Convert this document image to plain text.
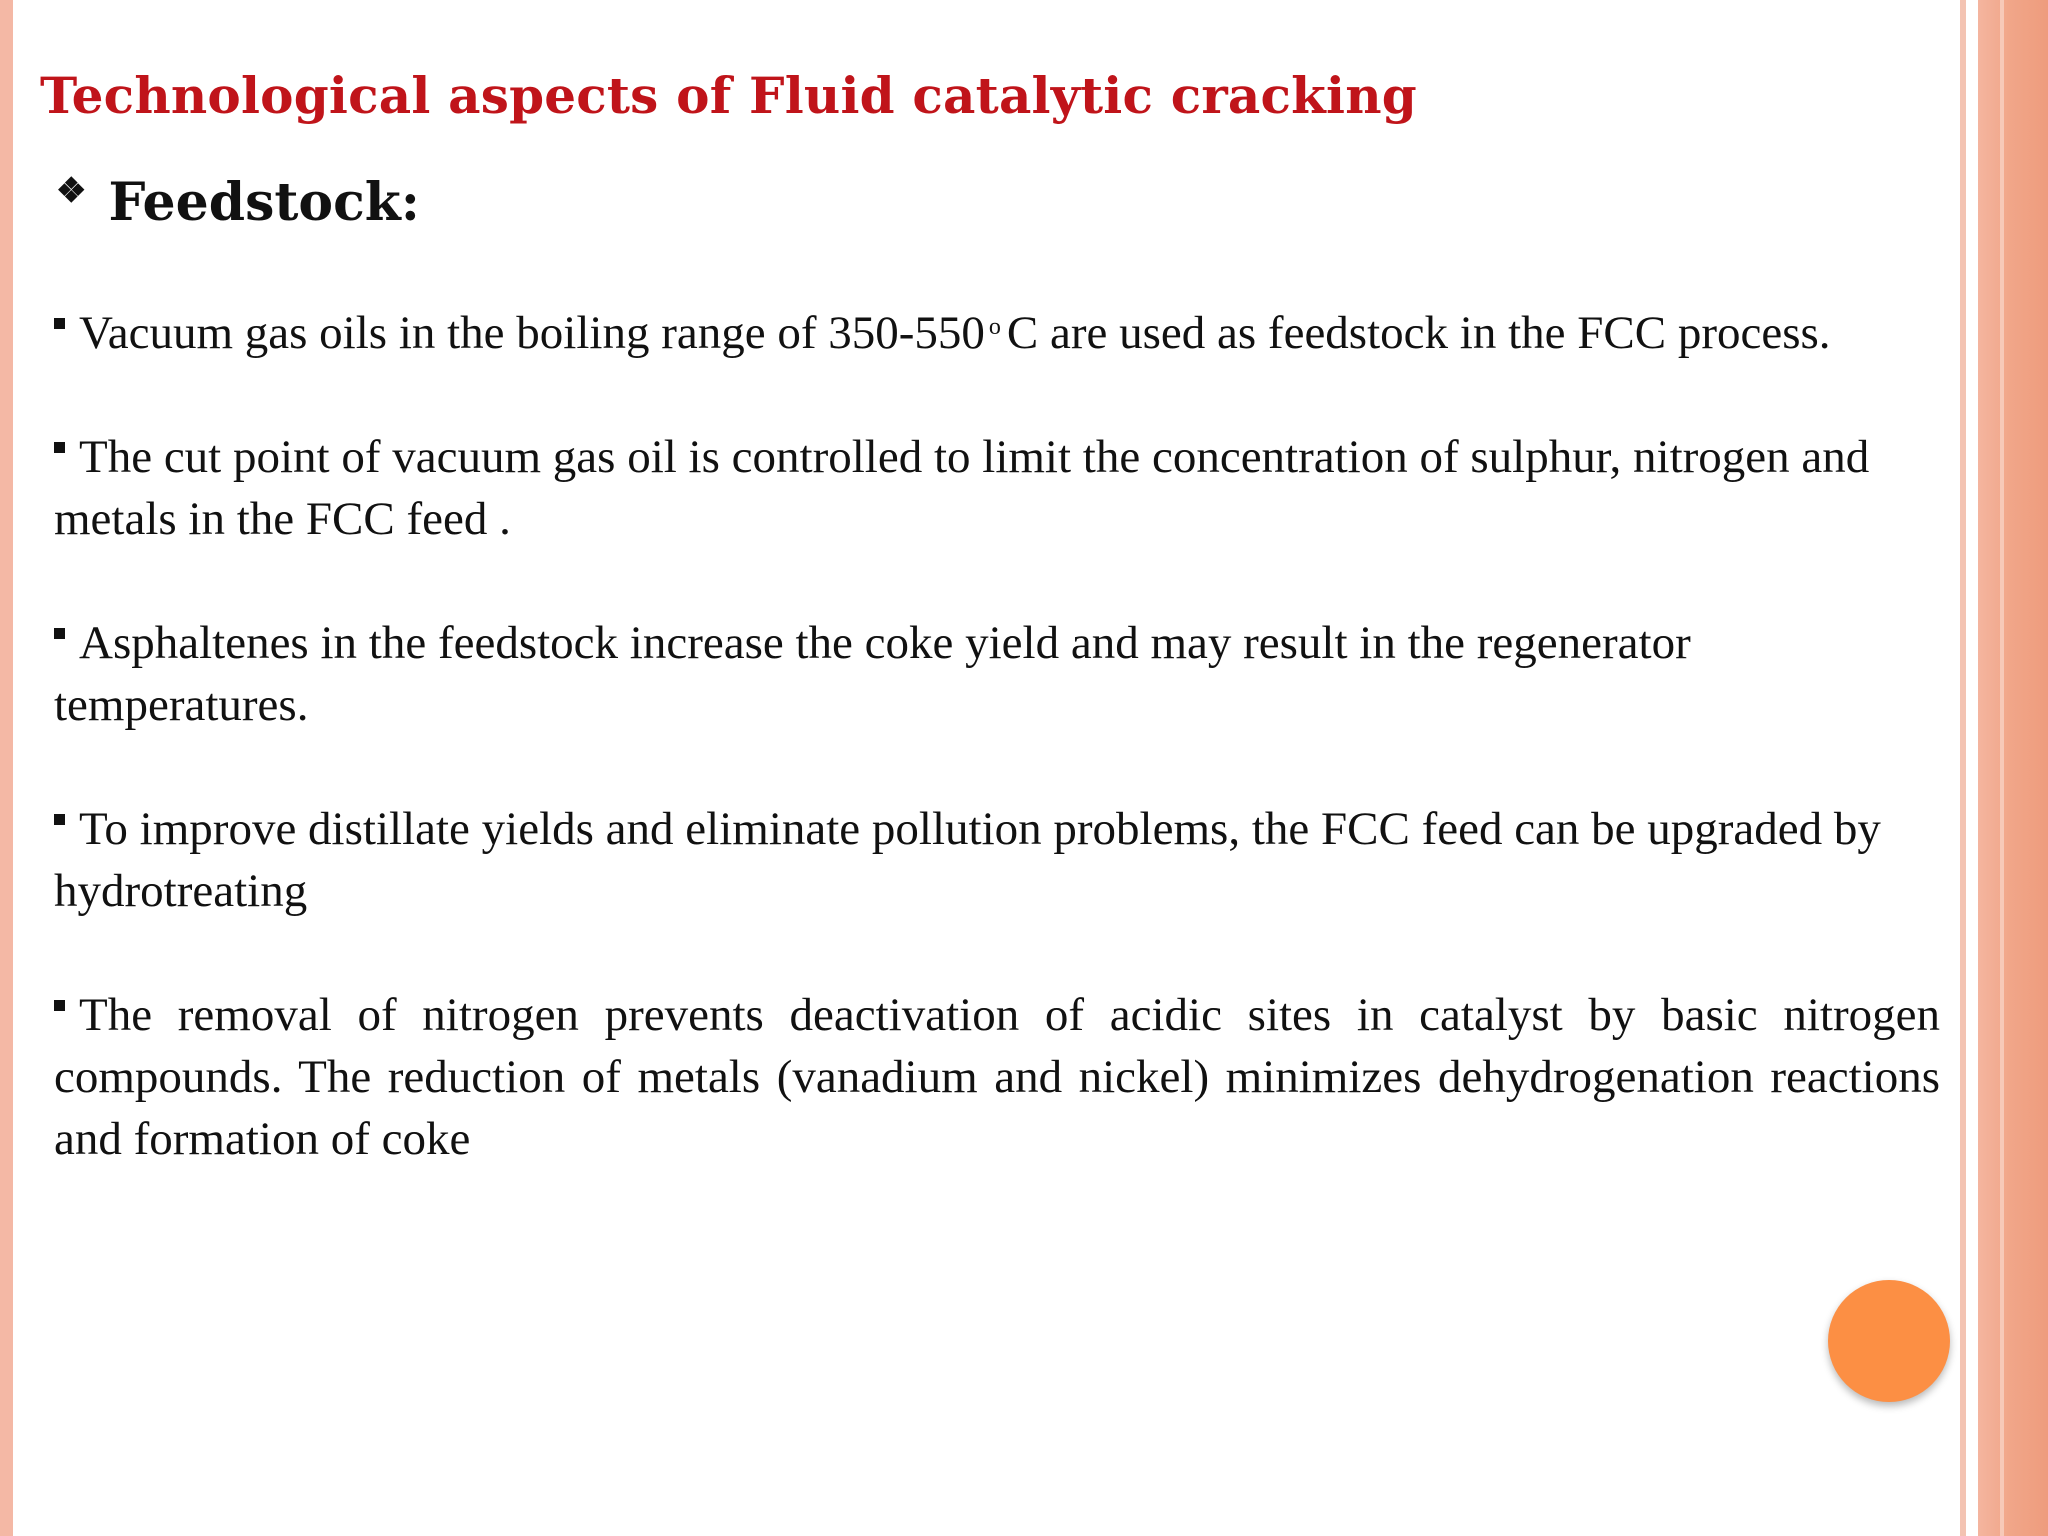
Technological aspects of Fluid catalytic cracking
❖ Feedstock:

Vacuum gas oils in the boiling range of 350-550 $^o$ C are used as feedstock in the FCC process.

The cut point of vacuum gas oil is controlled to limit the concentration of sulphur, nitrogen and metals in the FCC feed .

Asphaltenes in the feedstock increase the coke yield and may result in the regenerator temperatures.

To improve distillate yields and eliminate pollution problems, the FCC feed can be upgraded by hydrotreating

The removal of nitrogen prevents deactivation of acidic sites in catalyst by basic nitrogen compounds. The reduction of metals (vanadium and nickel) minimizes dehydrogenation reactions and formation of coke
